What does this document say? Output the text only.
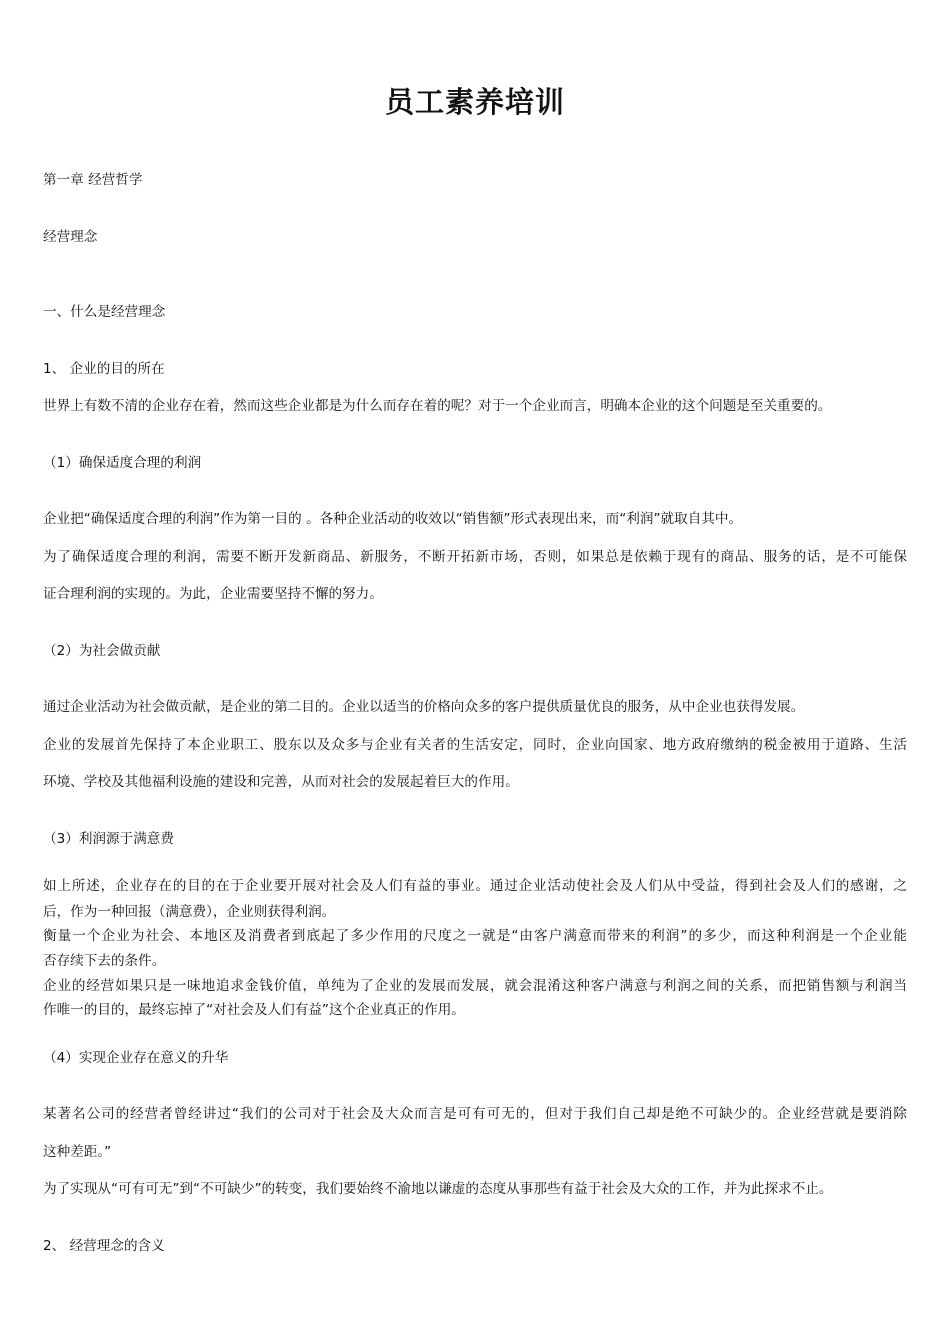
员工素养培训

第一章 经营哲学

经营理念

一、什么是经营理念

1、 企业的目的所在

世界上有数不清的企业存在着，然而这些企业都是为什么而存在着的呢？对于一个企业而言，明确本企业的这个问题是至关重要的。

（1）确保适度合理的利润

企业把“确保适度合理的利润”作为第一目的 。各种企业活动的收效以“销售额”形式表现出来，而“利润”就取自其中。

为了确保适度合理的利润，需要不断开发新商品、新服务，不断开拓新市场，否则，如果总是依赖于现有的商品、服务的话，是不可能保

证合理利润的实现的。为此，企业需要坚持不懈的努力。

（2）为社会做贡献

通过企业活动为社会做贡献，是企业的第二目的。企业以适当的价格向众多的客户提供质量优良的服务，从中企业也获得发展。

企业的发展首先保持了本企业职工、股东以及众多与企业有关者的生活安定，同时，企业向国家、地方政府缴纳的税金被用于道路、生活

环境、学校及其他福利设施的建设和完善，从而对社会的发展起着巨大的作用。

（3）利润源于满意费

如上所述，企业存在的目的在于企业要开展对社会及人们有益的事业。通过企业活动使社会及人们从中受益，得到社会及人们的感谢，之

后，作为一种回报（满意费），企业则获得利润。

衡量一个企业为社会、本地区及消费者到底起了多少作用的尺度之一就是“由客户满意而带来的利润”的多少，而这种利润是一个企业能

否存续下去的条件。

企业的经营如果只是一味地追求金钱价值，单纯为了企业的发展而发展，就会混淆这种客户满意与利润之间的关系，而把销售额与利润当

作唯一的目的，最终忘掉了“对社会及人们有益”这个企业真正的作用。

（4）实现企业存在意义的升华

某著名公司的经营者曾经讲过“我们的公司对于社会及大众而言是可有可无的，但对于我们自己却是绝不可缺少的。企业经营就是要消除

这种差距。”

为了实现从“可有可无”到“不可缺少”的转变，我们要始终不渝地以谦虚的态度从事那些有益于社会及大众的工作，并为此探求不止。

2、 经营理念的含义
